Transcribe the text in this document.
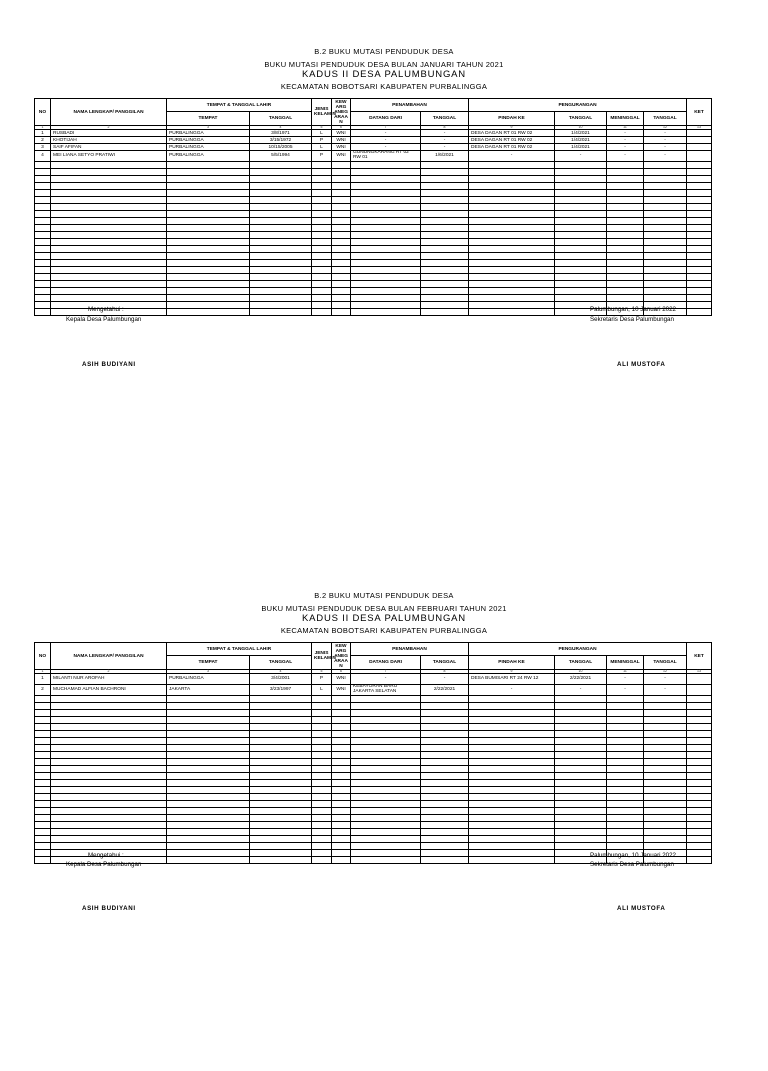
B.2 BUKU MUTASI PENDUDUK DESA
BUKU MUTASI PENDUDUK DESA BULAN JANUARI TAHUN 2021
KADUS II DESA PALUMBUNGAN
KECAMATAN BOBOTSARI KABUPATEN PURBALINGGA
NO	NAMA LENGKAP/ PANGGILAN	TEMPAT & TANGGAL LAHIR		JENIS KELAMIN	KEWARGANEGARAAN	PENAMBAHAN		PENGURANGAN				KET
		TEMPAT	TANGGAL			DATANG DARI	TANGGAL	PINDAH KE	TANGGAL	MENINGGAL	TANGGAL	
1	2	3	4	5	6	7	8	9	10	11	12	13
1	RUSBADI	PURBALINGGA	3/8/1971	L	WNI	-	-	DESA DAGAN RT 01 RW 02	1/4/2021	-	-	
2	KHOTIJAH	PURBALINGGA	3/15/1972	P	WNI	-	-	DESA DAGAN RT 01 RW 02	1/4/2021	-	-	
3	SAIF AFIFAN	PURBALINGGA	10/15/2005	L	WNI	-	-	DESA DAGAN RT 01 RW 02	1/4/2021	-	-	
4	MEI LIANA SETYO PRATIWI	PURBALINGGA	5/5/1994	P	WNI	GUNUNGKARANG RT 02 RW 01	1/6/2021	-	-	-	-	

Mengetahui :
Kepala Desa Palumbungan
ASIH BUDIYANI
Palumbungan, 10 Januari 2022
Sekretaris Desa Palumbungan
ALI MUSTOFA
B.2 BUKU MUTASI PENDUDUK DESA
BUKU MUTASI PENDUDUK DESA BULAN FEBRUARI TAHUN 2021
KADUS II DESA PALUMBUNGAN
KECAMATAN BOBOTSARI KABUPATEN PURBALINGGA
NO	NAMA LENGKAP/ PANGGILAN	TEMPAT & TANGGAL LAHIR		JENIS KELAMIN	KEWARGANEGARAAN	PENAMBAHAN		PENGURANGAN				KET
		TEMPAT	TANGGAL			DATANG DARI	TANGGAL	PINDAH KE	TANGGAL	MENINGGAL	TANGGAL	
1	2	3	4	5	6	7	8	9	10	11	12	13
1	MILANTI NUR AROFAH	PURBALINGGA	3/4/2001	P	WNI	-	-	DESA BUMISARI RT 24 RW 12	2/22/2021	-	-	
2	MUCHAMAD ALFIAN BACHRONI	JAKARTA	3/23/1997	L	WNI	KEBAYORAN BARU JAKARTA SELATAN	2/22/2021	-	-	-	-	

Mengetahui :
Kepala Desa Palumbungan
ASIH BUDIYANI
Palumbungan, 10 Januari 2022
Sekretaris Desa Palumbungan
ALI MUSTOFA
